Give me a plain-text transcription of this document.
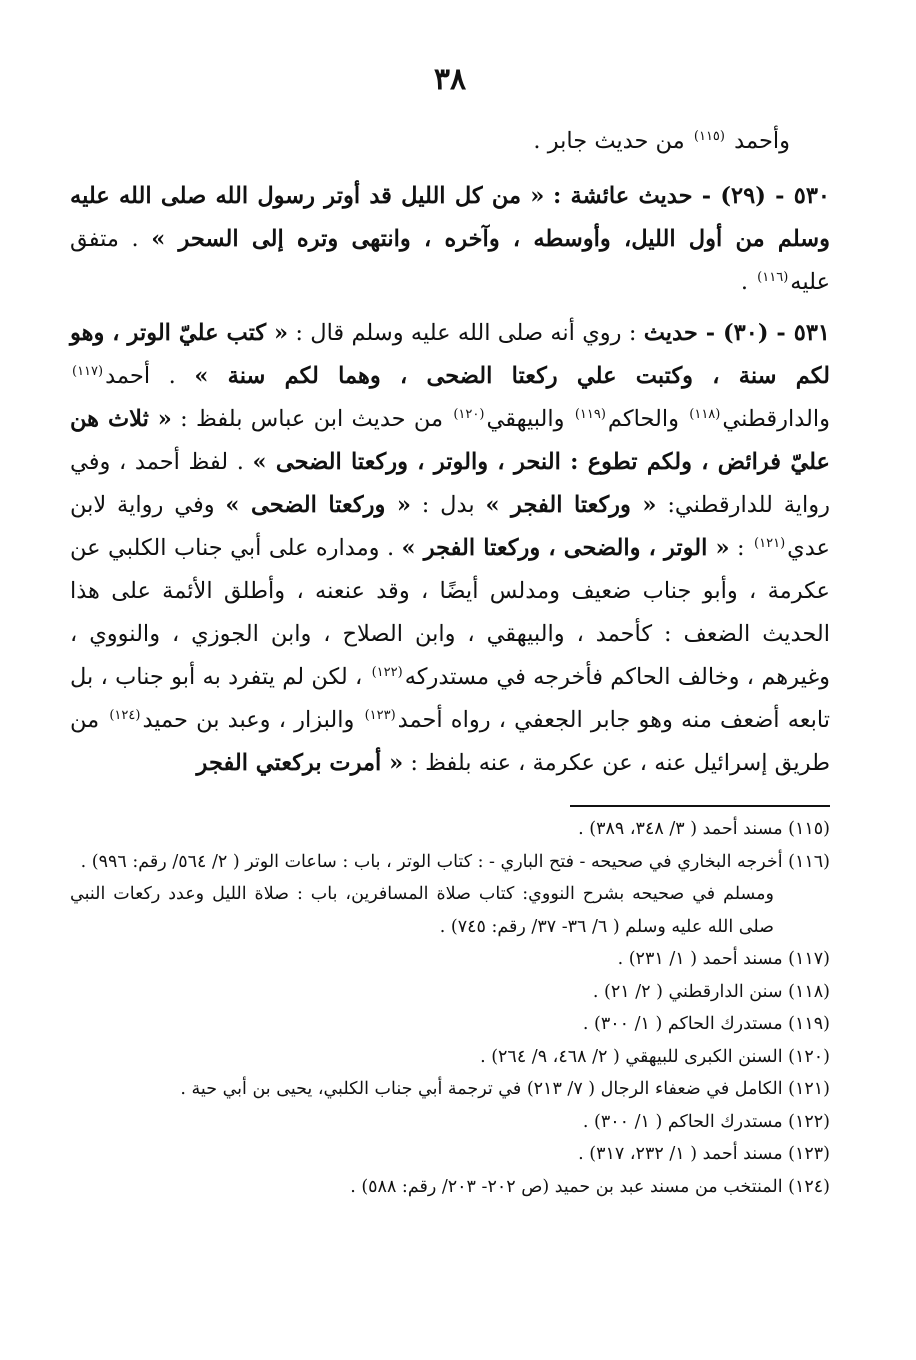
٣٨

وأحمد $^{(١١٥)}$ من حديث جابر .

٥٣٠ - (٢٩) - حديث عائشة : « من كل الليل قد أوتر رسول الله صلى الله عليه وسلم من أول الليل، وأوسطه ، وآخره ، وانتهى وتره إلى السحر » . متفق عليه$^{(١١٦)}$ .

٥٣١ - (٣٠) - حديث : روي أنه صلى الله عليه وسلم قال : « كتب عليّ الوتر ، وهو لكم سنة ، وكتبت علي ركعتا الضحى ، وهما لكم سنة » . أحمد$^{(١١٧)}$ والدارقطني$^{(١١٨)}$ والحاكم$^{(١١٩)}$ والبيهقي$^{(١٢٠)}$ من حديث ابن عباس بلفظ : « ثلاث هن عليّ فرائض ، ولكم تطوع : النحر ، والوتر ، وركعتا الضحى » . لفظ أحمد ، وفي رواية للدارقطني: « وركعتا الفجر » بدل : « وركعتا الضحى » وفي رواية لابن عدي$^{(١٢١)}$ : « الوتر ، والضحى ، وركعتا الفجر » . ومداره على أبي جناب الكلبي عن عكرمة ، وأبو جناب ضعيف ومدلس أيضًا ، وقد عنعنه ، وأطلق الأئمة على هذا الحديث الضعف : كأحمد ، والبيهقي ، وابن الصلاح ، وابن الجوزي ، والنووي ، وغيرهم ، وخالف الحاكم فأخرجه في مستدركه$^{(١٢٢)}$ ، لكن لم يتفرد به أبو جناب ، بل تابعه أضعف منه وهو جابر الجعفي ، رواه أحمد$^{(١٢٣)}$ والبزار ، وعبد بن حميد$^{(١٢٤)}$ من طريق إسرائيل عنه ، عن عكرمة ، عنه بلفظ : « أمرت بركعتي الفجر

(١١٥) مسند أحمد ( ٣/ ٣٤٨، ٣٨٩) .
(١١٦) أخرجه البخاري في صحيحه - فتح الباري - : كتاب الوتر ، باب : ساعات الوتر ( ٢/ ٥٦٤/ رقم: ٩٩٦) .
ومسلم في صحيحه بشرح النووي: كتاب صلاة المسافرين، باب : صلاة الليل وعدد ركعات النبي صلى الله عليه وسلم ( ٦/ ٣٦- ٣٧/ رقم: ٧٤٥) .
(١١٧) مسند أحمد ( ١/ ٢٣١) .
(١١٨) سنن الدارقطني ( ٢/ ٢١) .
(١١٩) مستدرك الحاكم ( ١/ ٣٠٠) .
(١٢٠) السنن الكبرى للبيهقي ( ٢/ ٤٦٨، ٩/ ٢٦٤) .
(١٢١) الكامل في ضعفاء الرجال ( ٧/ ٢١٣) في ترجمة أبي جناب الكلبي، يحيى بن أبي حية .
(١٢٢) مستدرك الحاكم ( ١/ ٣٠٠) .
(١٢٣) مسند أحمد ( ١/ ٢٣٢، ٣١٧) .
(١٢٤) المنتخب من مسند عبد بن حميد (ص ٢٠٢- ٢٠٣/ رقم: ٥٨٨) .
